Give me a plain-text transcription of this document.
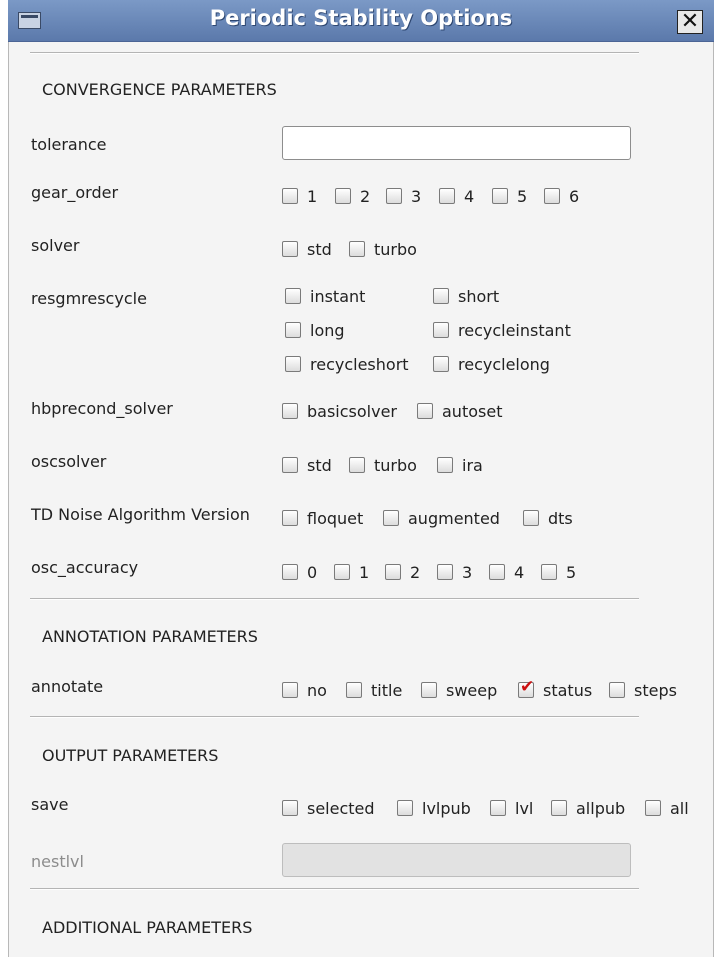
Periodic Stability Options	✕
CONVERGENCE PARAMETERS
tolerance
gear_order	1	2	3	4	5	6
solver	std	turbo
resgmrescycle	instant	short
long	recycleinstant
recycleshort	recyclelong
hbprecond_solver	basicsolver	autoset
oscsolver	std	turbo	ira
TD Noise Algorithm Version	floquet	augmented	dts
osc_accuracy	0	1	2	3	4	5
ANNOTATION PARAMETERS
annotate	no	title	sweep
✔	status	steps
OUTPUT PARAMETERS
save	selected	lvlpub	lvl	allpub	all
nestlvl
ADDITIONAL PARAMETERS
